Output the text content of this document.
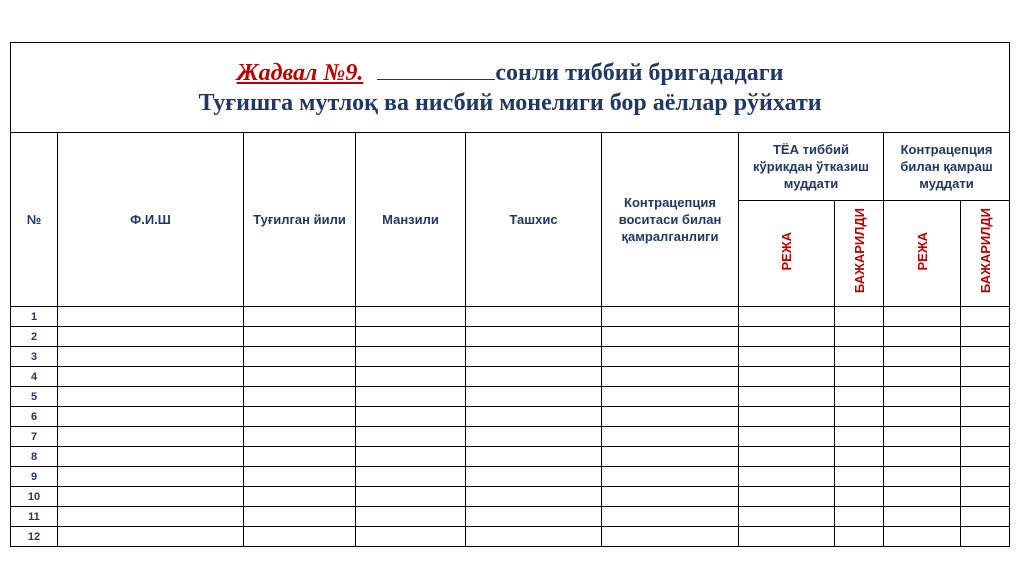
Жадвал №9. сонли тиббий бригададаги
Туғишга мутлоқ ва нисбий монелиги бор аёллар рўйхати									

№	Ф.И.Ш	Туғилган йили	Манзили	Ташхис	Контрацепция воситаси билан қамралганлиги	ТЁА тиббий кўрикдан ўтказиш муддати		Контрацепция билан қамраш муддати	
						РЕЖА	БАЖАРИЛДИ	РЕЖА	БАЖАРИЛДИ
1									
2									
3									
4									
5									
6									
7									
8									
9									
10									
11									
12									
